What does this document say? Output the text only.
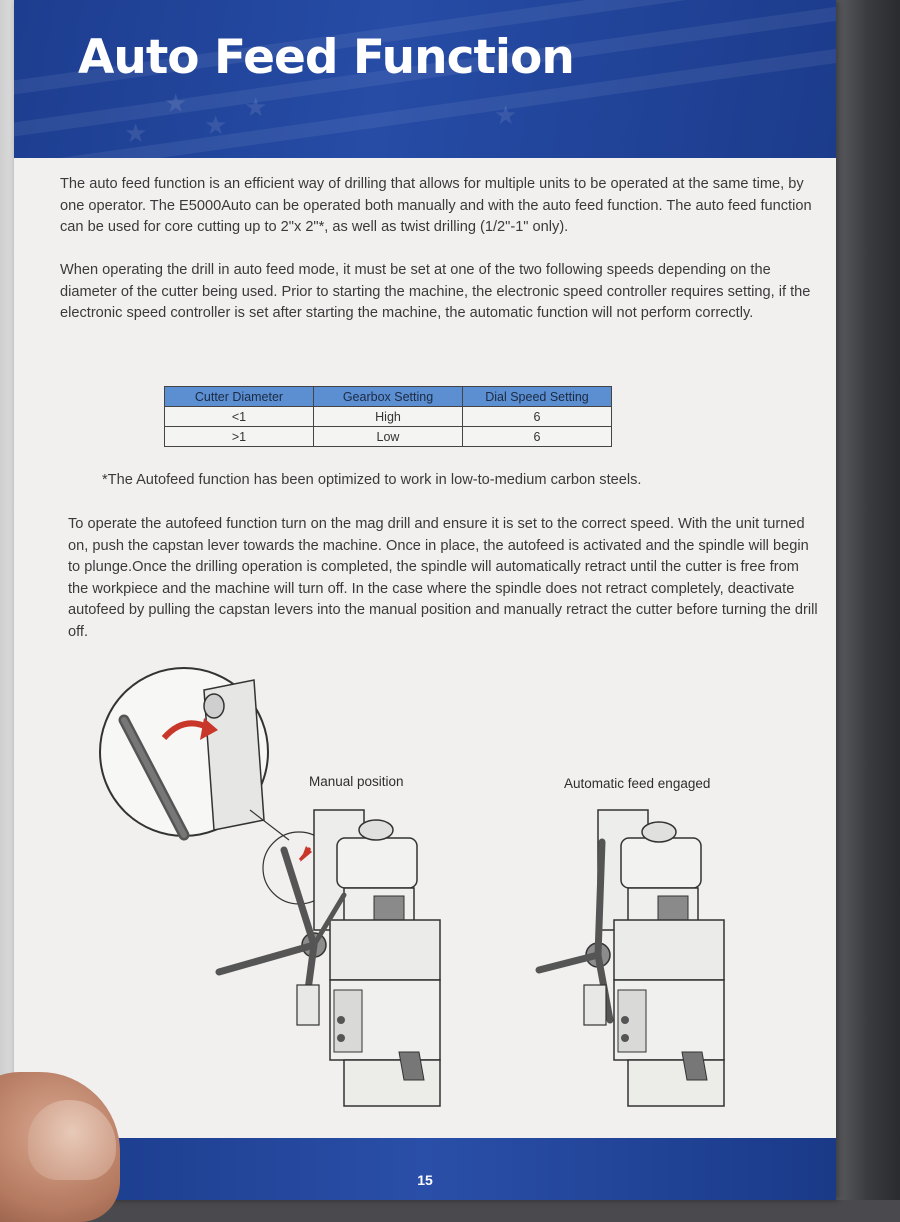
★
★
★
★	★
Auto Feed Function

The auto feed function is an efficient way of drilling that allows for multiple units to be operated at the same time, by one operator. The E5000Auto can be operated both manually and with the auto feed function. The auto feed function can be used for core cutting up to 2"x 2"*, as well as twist drilling (1/2"-1" only).

When operating the drill in auto feed mode, it must be set at one of the two following speeds depending on the diameter of the cutter being used. Prior to starting the machine, the electronic speed controller requires setting, if the electronic speed controller is set after starting the machine, the automatic function will not perform correctly.

Cutter Diameter	Gearbox Setting	Dial Speed Setting
<1	High	6
>1	Low	6

*The Autofeed function has been optimized to work in low-to-medium carbon steels.

To operate the autofeed function turn on the mag drill and ensure it is set to the correct speed. With the unit turned on, push the capstan lever towards the machine. Once in place, the autofeed is activated and the spindle will begin to plunge.Once the drilling operation is completed, the spindle will automatically retract until the cutter is free from the workpiece and the machine will turn off. In the case where the spindle does not retract completely, deactivate autofeed by pulling the capstan levers into the manual position and manually retract the cutter before turning the drill off.

Manual position	Automatic feed engaged

15
